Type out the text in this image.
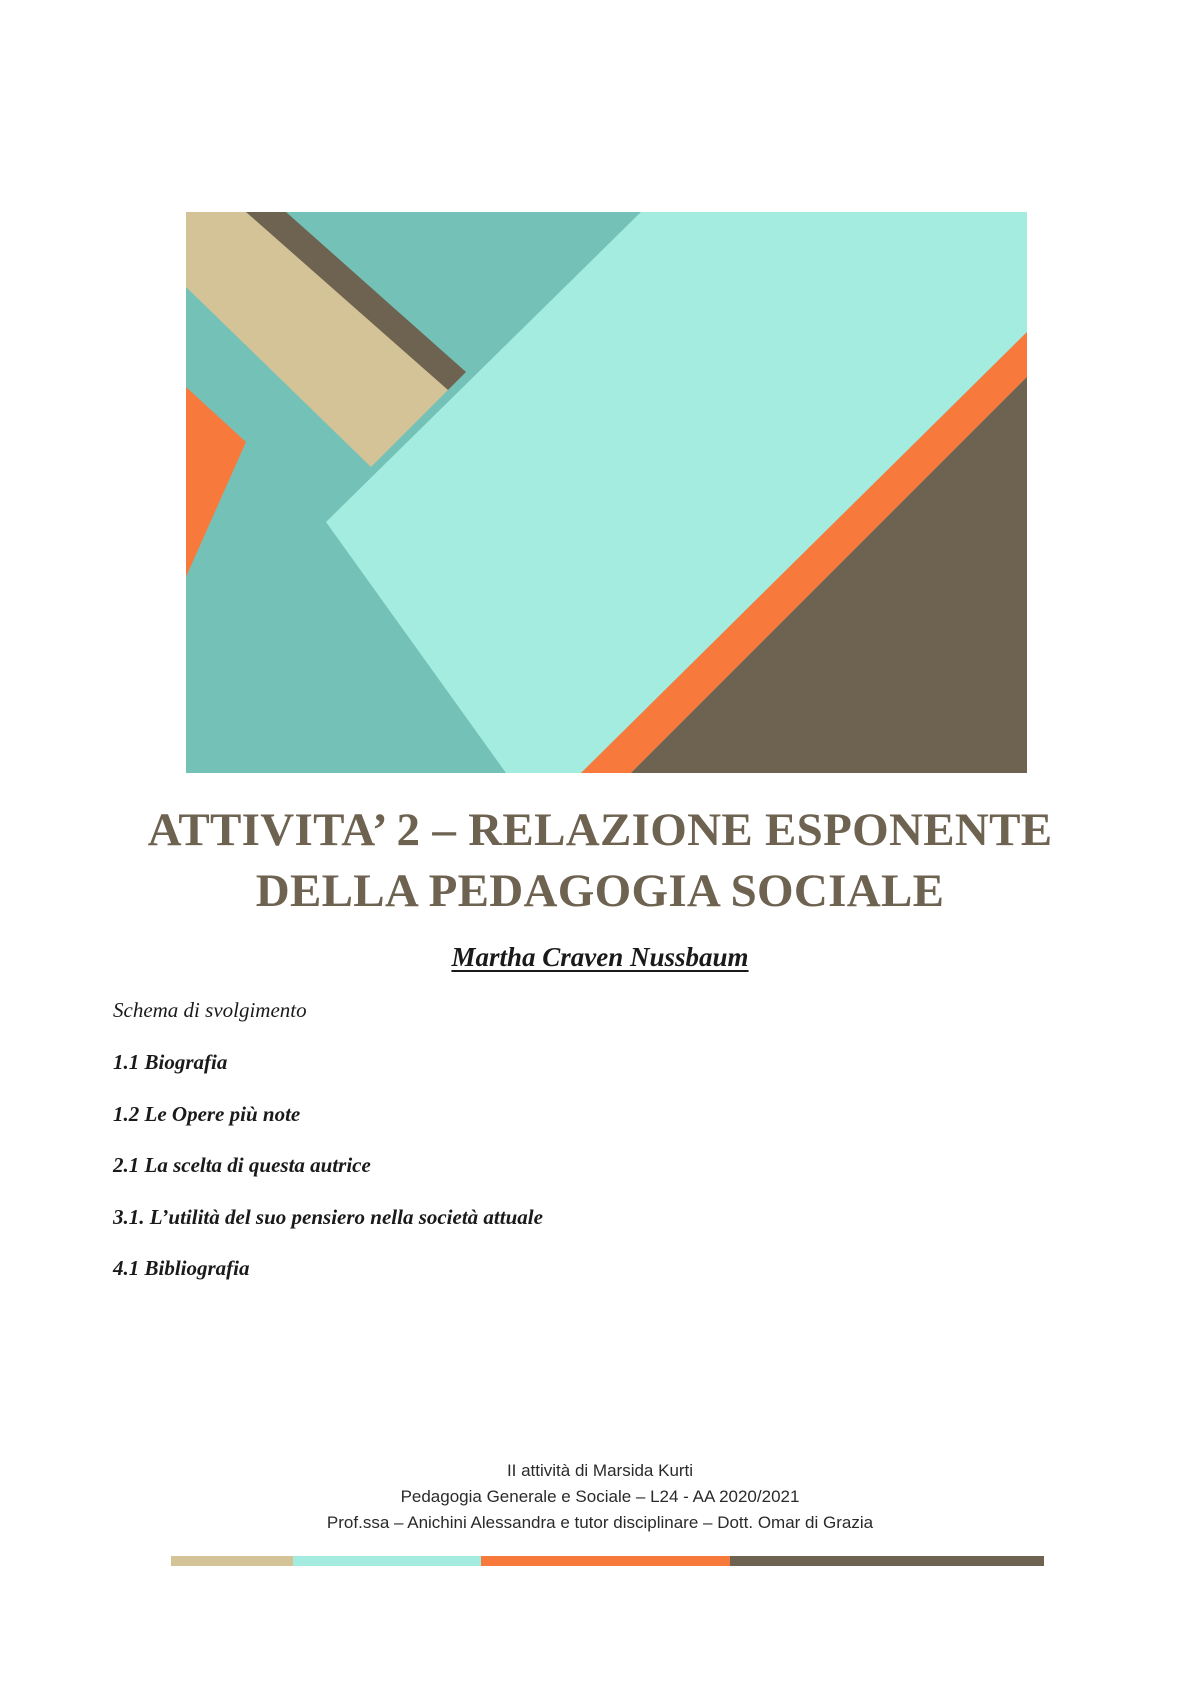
ATTIVITA’ 2 – RELAZIONE ESPONENTE
DELLA PEDAGOGIA SOCIALE
Martha Craven Nussbaum
Schema di svolgimento
1.1 Biografia
1.2 Le Opere più note
2.1 La scelta di questa autrice
3.1. L’utilità del suo pensiero nella società attuale
4.1 Bibliografia
II attività di Marsida Kurti
Pedagogia Generale e Sociale – L24 - AA 2020/2021
Prof.ssa – Anichini Alessandra e tutor disciplinare – Dott. Omar di Grazia
